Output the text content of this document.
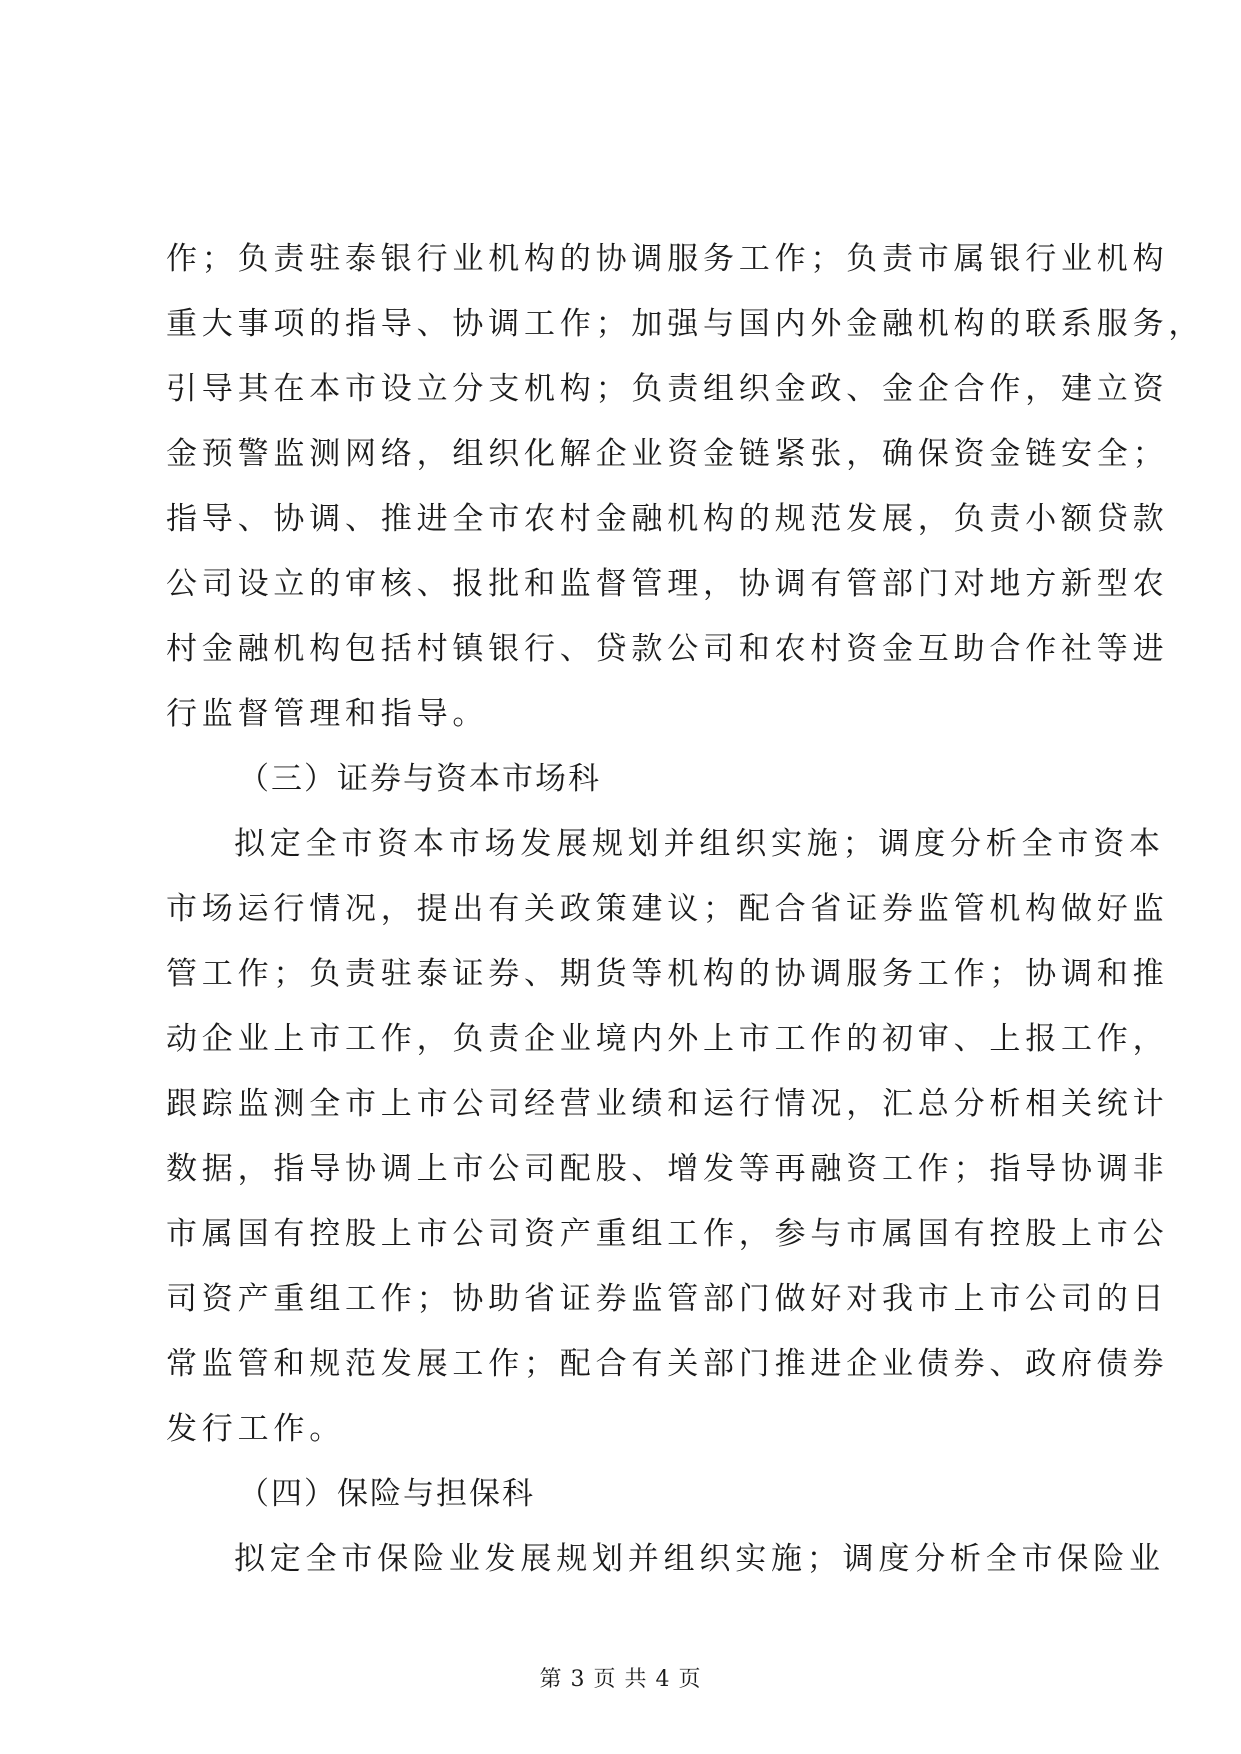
作；负责驻泰银行业机构的协调服务工作；负责市属银行业机构
重大事项的指导、协调工作；加强与国内外金融机构的联系服务，
引导其在本市设立分支机构；负责组织金政、金企合作，建立资
金预警监测网络，组织化解企业资金链紧张，确保资金链安全；
指导、协调、推进全市农村金融机构的规范发展，负责小额贷款
公司设立的审核、报批和监督管理，协调有管部门对地方新型农
村金融机构包括村镇银行、贷款公司和农村资金互助合作社等进
行监督管理和指导。
（三）证券与资本市场科
拟定全市资本市场发展规划并组织实施；调度分析全市资本
市场运行情况，提出有关政策建议；配合省证券监管机构做好监
管工作；负责驻泰证券、期货等机构的协调服务工作；协调和推
动企业上市工作，负责企业境内外上市工作的初审、上报工作，
跟踪监测全市上市公司经营业绩和运行情况，汇总分析相关统计
数据，指导协调上市公司配股、增发等再融资工作；指导协调非
市属国有控股上市公司资产重组工作，参与市属国有控股上市公
司资产重组工作；协助省证券监管部门做好对我市上市公司的日
常监管和规范发展工作；配合有关部门推进企业债券、政府债券
发行工作。
（四）保险与担保科
拟定全市保险业发展规划并组织实施；调度分析全市保险业
第 3 页 共 4 页
